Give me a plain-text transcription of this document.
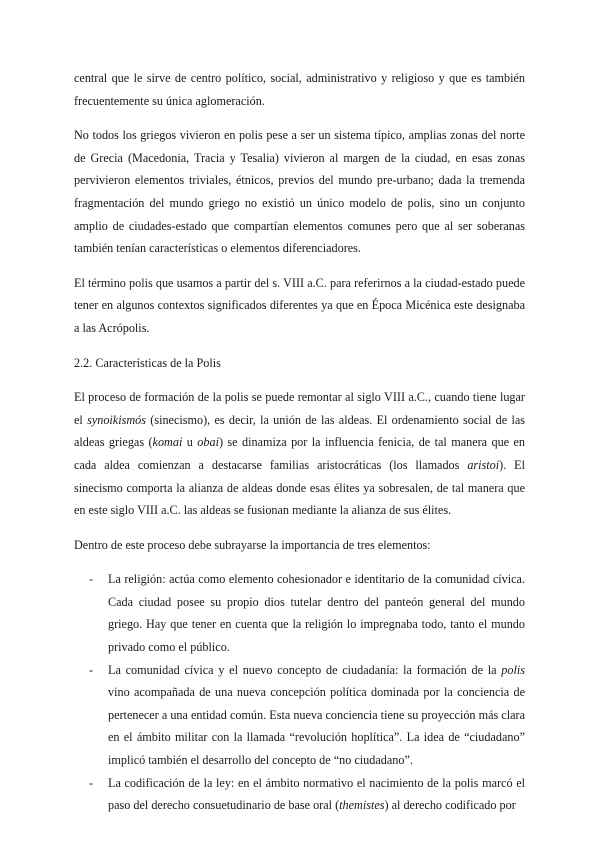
central que le sirve de centro político, social, administrativo y religioso y que es también frecuentemente su única aglomeración.

No todos los griegos vivieron en polis pese a ser un sistema típico, amplias zonas del norte de Grecia (Macedonia, Tracia y Tesalia) vivieron al margen de la ciudad, en esas zonas pervivieron elementos triviales, étnicos, previos del mundo pre-urbano; dada la tremenda fragmentación del mundo griego no existió un único modelo de polis, sino un conjunto amplio de ciudades-estado que compartían elementos comunes pero que al ser soberanas también tenían características o elementos diferenciadores.

El término polis que usamos a partir del s. VIII a.C. para referirnos a la ciudad-estado puede tener en algunos contextos significados diferentes ya que en Época Micénica este designaba a las Acrópolis.

2.2. Características de la Polis

El proceso de formación de la polis se puede remontar al siglo VIII a.C., cuando tiene lugar el synoikismós (sinecismo), es decir, la unión de las aldeas. El ordenamiento social de las aldeas griegas (komai u obai) se dinamiza por la influencia fenicia, de tal manera que en cada aldea comienzan a destacarse familias aristocráticas (los llamados aristoi). El sinecismo comporta la alianza de aldeas donde esas élites ya sobresalen, de tal manera que en este siglo VIII a.C. las aldeas se fusionan mediante la alianza de sus élites.

Dentro de este proceso debe subrayarse la importancia de tres elementos:

- La religión: actúa como elemento cohesionador e identitario de la comunidad cívica. Cada ciudad posee su propio dios tutelar dentro del panteón general del mundo griego. Hay que tener en cuenta que la religión lo impregnaba todo, tanto el mundo privado como el público.
- La comunidad cívica y el nuevo concepto de ciudadanía: la formación de la polis vino acompañada de una nueva concepción política dominada por la conciencia de pertenecer a una entidad común. Esta nueva conciencia tiene su proyección más clara en el ámbito militar con la llamada “revolución hoplítica”. La idea de “ciudadano” implicó también el desarrollo del concepto de “no ciudadano”.
- La codificación de la ley: en el ámbito normativo el nacimiento de la polis marcó el paso del derecho consuetudinario de base oral (themistes) al derecho codificado por
